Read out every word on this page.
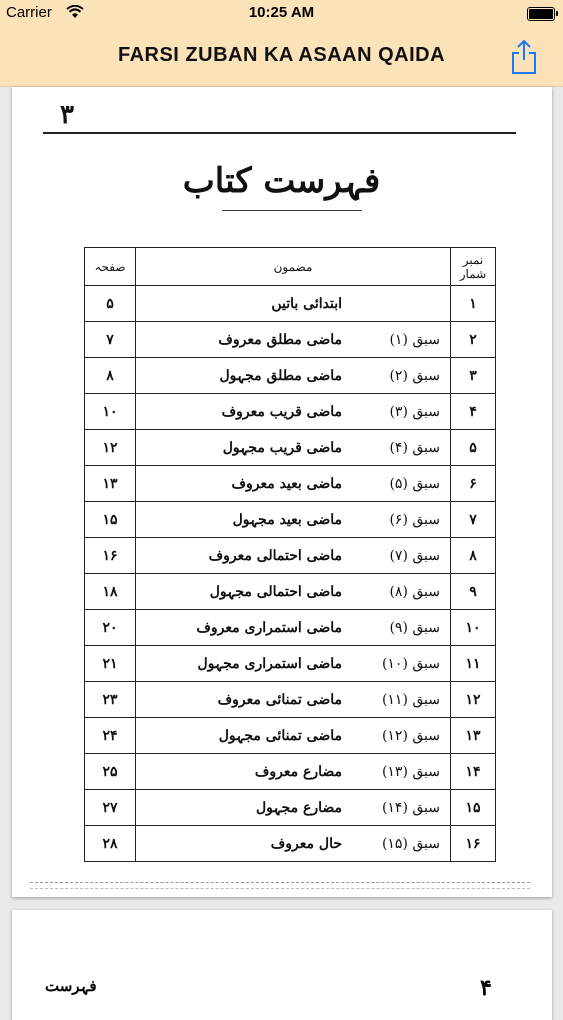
Carrier	10:25 AM
FARSI ZUBAN KA ASAAN QAIDA
۳
فہرست کتاب
نمبر شمار	مضمون	صفحہ
۱	ابتدائی باتیں	۵
۲	سبق (۱)ماضی مطلق معروف	۷
۳	سبق (۲)ماضی مطلق مجہول	۸
۴	سبق (۳)ماضی قریب معروف	۱۰
۵	سبق (۴)ماضی قریب مجہول	۱۲
۶	سبق (۵)ماضی بعید معروف	۱۳
۷	سبق (۶)ماضی بعید مجہول	۱۵
۸	سبق (۷)ماضی احتمالی معروف	۱۶
۹	سبق (۸)ماضی احتمالی مجہول	۱۸
۱۰	سبق (۹)ماضی استمراری معروف	۲۰
۱۱	سبق (۱۰)ماضی استمراری مجہول	۲۱
۱۲	سبق (۱۱)ماضی تمنائی معروف	۲۳
۱۳	سبق (۱۲)ماضی تمنائی مجہول	۲۴
۱۴	سبق (۱۳)مضارع معروف	۲۵
۱۵	سبق (۱۴)مضارع مجہول	۲۷
۱۶	سبق (۱۵)حال معروف	۲۸
۴
فہرست
